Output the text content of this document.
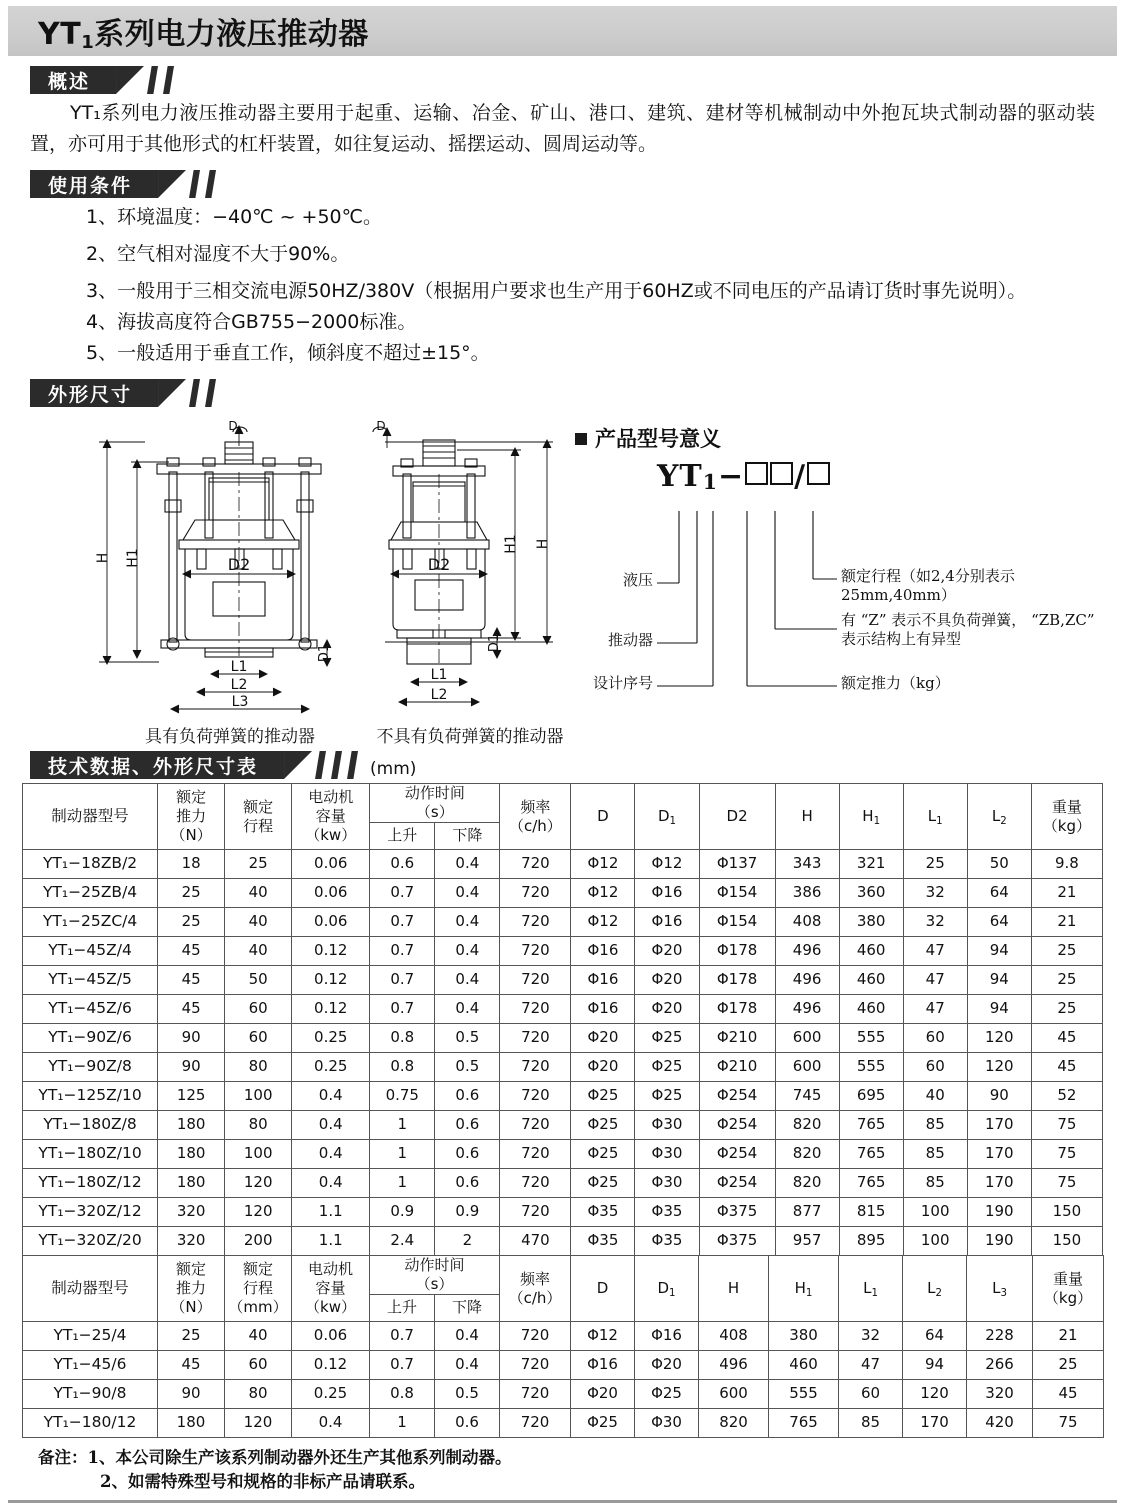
$YT_1$系列电力液压推动器
概述
YT₁系列电力液压推动器主要用于起重、运输、冶金、矿山、港口、建筑、建材等机械制动中外抱瓦块式制动器的驱动装置，亦可用于其他形式的杠杆装置，如往复运动、摇摆运动、圆周运动等。
使用条件
1、环境温度：−40℃ ~ +50℃。
2、空气相对湿度不大于90%。
3、一般用于三相交流电源50HZ/380V（根据用户要求也生产用于60HZ或不同电压的产品请订货时事先说明）。
4、海拔高度符合GB755−2000标准。
5、一般适用于垂直工作，倾斜度不超过±15°。
外形尺寸
H H1	D2
L1
L2
L3
D1
D
具有负荷弹簧的推动器
H
H1
D2
L1
L2
D1
D
不具有负荷弹簧的推动器
产品型号意义
$YT_1-$ /
液压
推动器
设计序号
额定行程（如2,4分别表示25mm,40mm）
有 “Z” 表示不具负荷弹簧， “ZB,ZC” 表示结构上有异型
额定推力（kg）
技术数据、外形尺寸表	(mm)
制动器型号	额定
推力
（N）	额定
行程	电动机
容量
（kw）	动作时间
（s）		频率
（c/h）	D	$D_1$	D2	H	$H_1$	$L_1$	$L_2$	重量
（kg）

				上升	下降									
YT₁−18ZB/2	18	25	0.06	0.6	0.4	720	Φ12	Φ12	Φ137	343	321	25	50	9.8
YT₁−25ZB/4	25	40	0.06	0.7	0.4	720	Φ12	Φ16	Φ154	386	360	32	64	21
YT₁−25ZC/4	25	40	0.06	0.7	0.4	720	Φ12	Φ16	Φ154	408	380	32	64	21
YT₁−45Z/4	45	40	0.12	0.7	0.4	720	Φ16	Φ20	Φ178	496	460	47	94	25
YT₁−45Z/5	45	50	0.12	0.7	0.4	720	Φ16	Φ20	Φ178	496	460	47	94	25
YT₁−45Z/6	45	60	0.12	0.7	0.4	720	Φ16	Φ20	Φ178	496	460	47	94	25
YT₁−90Z/6	90	60	0.25	0.8	0.5	720	Φ20	Φ25	Φ210	600	555	60	120	45
YT₁−90Z/8	90	80	0.25	0.8	0.5	720	Φ20	Φ25	Φ210	600	555	60	120	45
YT₁−125Z/10	125	100	0.4	0.75	0.6	720	Φ25	Φ25	Φ254	745	695	40	90	52
YT₁−180Z/8	180	80	0.4	1	0.6	720	Φ25	Φ30	Φ254	820	765	85	170	75
YT₁−180Z/10	180	100	0.4	1	0.6	720	Φ25	Φ30	Φ254	820	765	85	170	75
YT₁−180Z/12	180	120	0.4	1	0.6	720	Φ25	Φ30	Φ254	820	765	85	170	75
YT₁−320Z/12	320	120	1.1	0.9	0.9	720	Φ35	Φ35	Φ375	877	815	100	190	150
YT₁−320Z/20	320	200	1.1	2.4	2	470	Φ35	Φ35	Φ375	957	895	100	190	150
制动器型号	额定
推力
（N）	额定
行程
（mm）	电动机
容量
（kw）	动作时间
（s）		频率
（c/h）	D	$D_1$	H	$H_1$	$L_1$	$L_2$	$L_3$	重量
（kg）

				上升	下降									
YT₁−25/4	25	40	0.06	0.7	0.4	720	Φ12	Φ16	408	380	32	64	228	21
YT₁−45/6	45	60	0.12	0.7	0.4	720	Φ16	Φ20	496	460	47	94	266	25
YT₁−90/8	90	80	0.25	0.8	0.5	720	Φ20	Φ25	600	555	60	120	320	45
YT₁−180/12	180	120	0.4	1	0.6	720	Φ25	Φ30	820	765	85	170	420	75
备注：1、本公司除生产该系列制动器外还生产其他系列制动器。
2、如需特殊型号和规格的非标产品请联系。
